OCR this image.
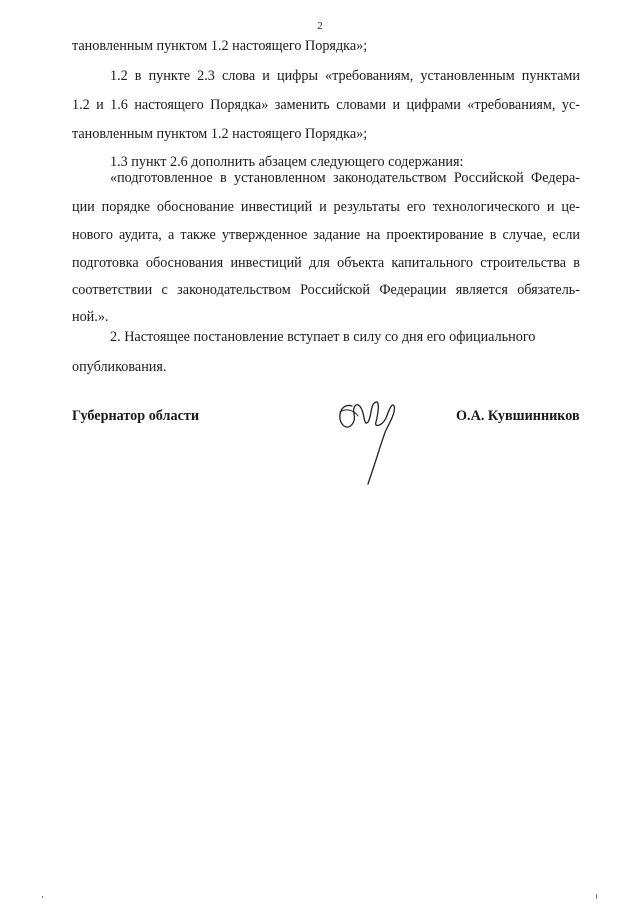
2
тановленным пунктом 1.2 настоящего Порядка»;
1.2 в пункте 2.3 слова и цифры «требованиям, установленным пунктами
1.2 и 1.6 настоящего Порядка» заменить словами и цифрами «требованиям, ус-
тановленным пунктом 1.2 настоящего Порядка»;
1.3 пункт 2.6 дополнить абзацем следующего содержания:
«подготовленное в установленном законодательством Российской Федера-
ции порядке обоснование инвестиций и результаты его технологического и це-
нового аудита, а также утвержденное задание на проектирование в случае, если
подготовка обоснования инвестиций для объекта капитального строительства в
соответствии с законодательством Российской Федерации является обязатель-
ной.».
2. Настоящее постановление вступает в силу со дня его официального
опубликования.
Губернатор области	О.А. Кувшинников
